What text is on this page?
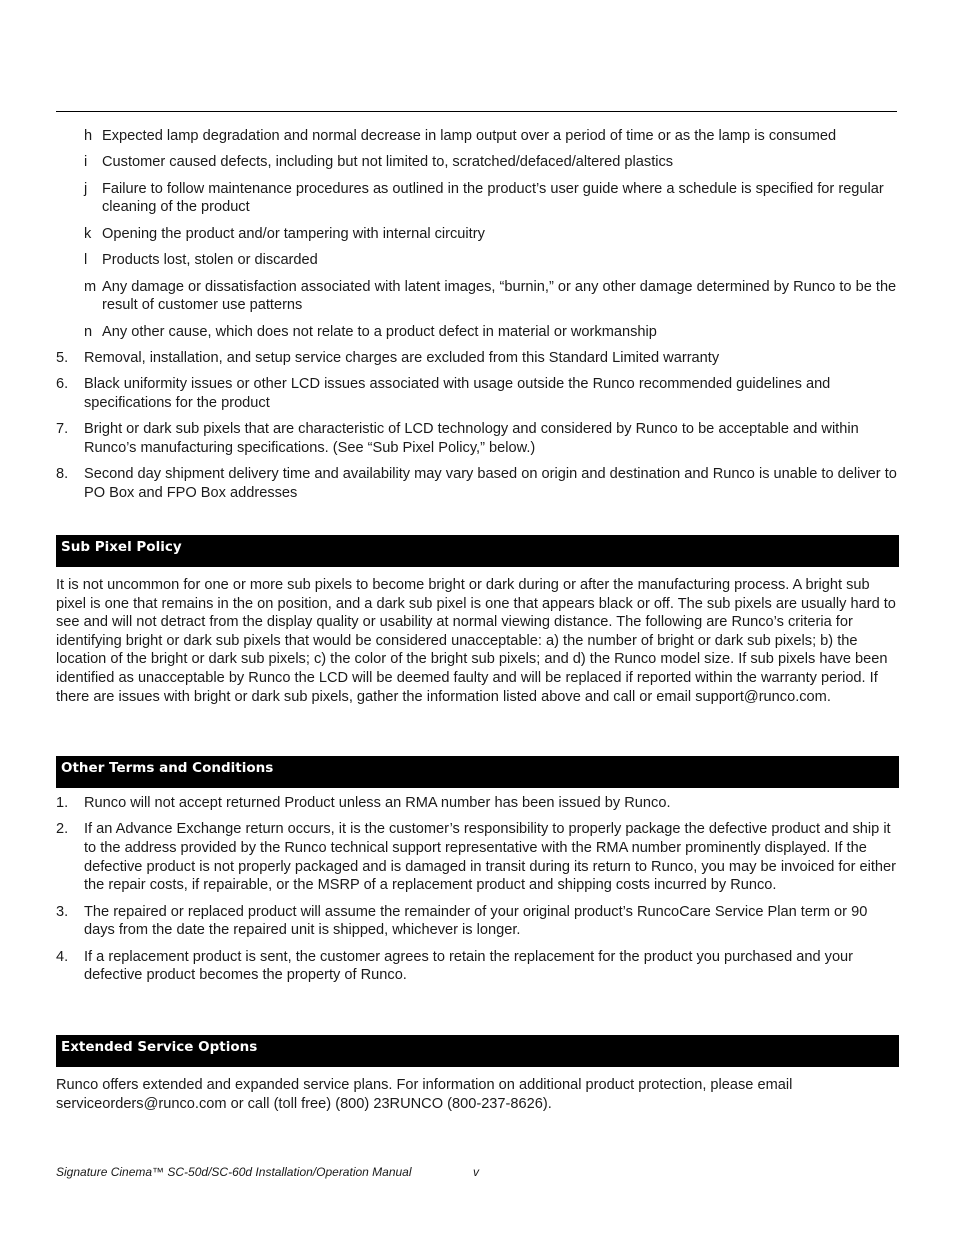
h Expected lamp degradation and normal decrease in lamp output over a period of time or as the lamp is consumed
i Customer caused defects, including but not limited to, scratched/defaced/altered plastics
j Failure to follow maintenance procedures as outlined in the product’s user guide where a schedule is specified for regular cleaning of the product
k Opening the product and/or tampering with internal circuitry
l Products lost, stolen or discarded
m Any damage or dissatisfaction associated with latent images, “burnin,” or any other damage determined by Runco to be the result of customer use patterns
n Any other cause, which does not relate to a product defect in material or workmanship
5.	Removal, installation, and setup service charges are excluded from this Standard Limited warranty
6.	Black uniformity issues or other LCD issues associated with usage outside the Runco recommended guidelines and specifications for the product
7.	Bright or dark sub pixels that are characteristic of LCD technology and considered by Runco to be acceptable and within Runco’s manufacturing specifications. (See “Sub Pixel Policy,” below.)
8.	Second day shipment delivery time and availability may vary based on origin and destination and Runco is unable to deliver to PO Box and FPO Box addresses
Sub Pixel Policy
It is not uncommon for one or more sub pixels to become bright or dark during or after the manufacturing process. A bright sub pixel is one that remains in the on position, and a dark sub pixel is one that appears black or off. The sub pixels are usually hard to see and will not detract from the display quality or usability at normal viewing distance. The following are Runco’s criteria for identifying bright or dark sub pixels that would be considered unacceptable: a) the number of bright or dark sub pixels; b) the location of the bright or dark sub pixels; c) the color of the bright sub pixels; and d) the Runco model size. If sub pixels have been identified as unacceptable by Runco the LCD will be deemed faulty and will be replaced if reported within the warranty period. If there are issues with bright or dark sub pixels, gather the information listed above and call or email support@runco.com.
Other Terms and Conditions
1.	Runco will not accept returned Product unless an RMA number has been issued by Runco.
2.	If an Advance Exchange return occurs, it is the customer’s responsibility to properly package the defective product and ship it to the address provided by the Runco technical support representative with the RMA number prominently displayed. If the defective product is not properly packaged and is damaged in transit during its return to Runco, you may be invoiced for either the repair costs, if repairable, or the MSRP of a replacement product and shipping costs incurred by Runco.
3.	The repaired or replaced product will assume the remainder of your original product’s RuncoCare Service Plan term or 90 days from the date the repaired unit is shipped, whichever is longer.
4.	If a replacement product is sent, the customer agrees to retain the replacement for the product you purchased and your defective product becomes the property of Runco.
Extended Service Options
Runco offers extended and expanded service plans. For information on additional product protection, please email serviceorders@runco.com or call (toll free) (800) 23RUNCO (800-237-8626).
Signature Cinema™ SC-50d/SC-60d Installation/Operation Manual	v
